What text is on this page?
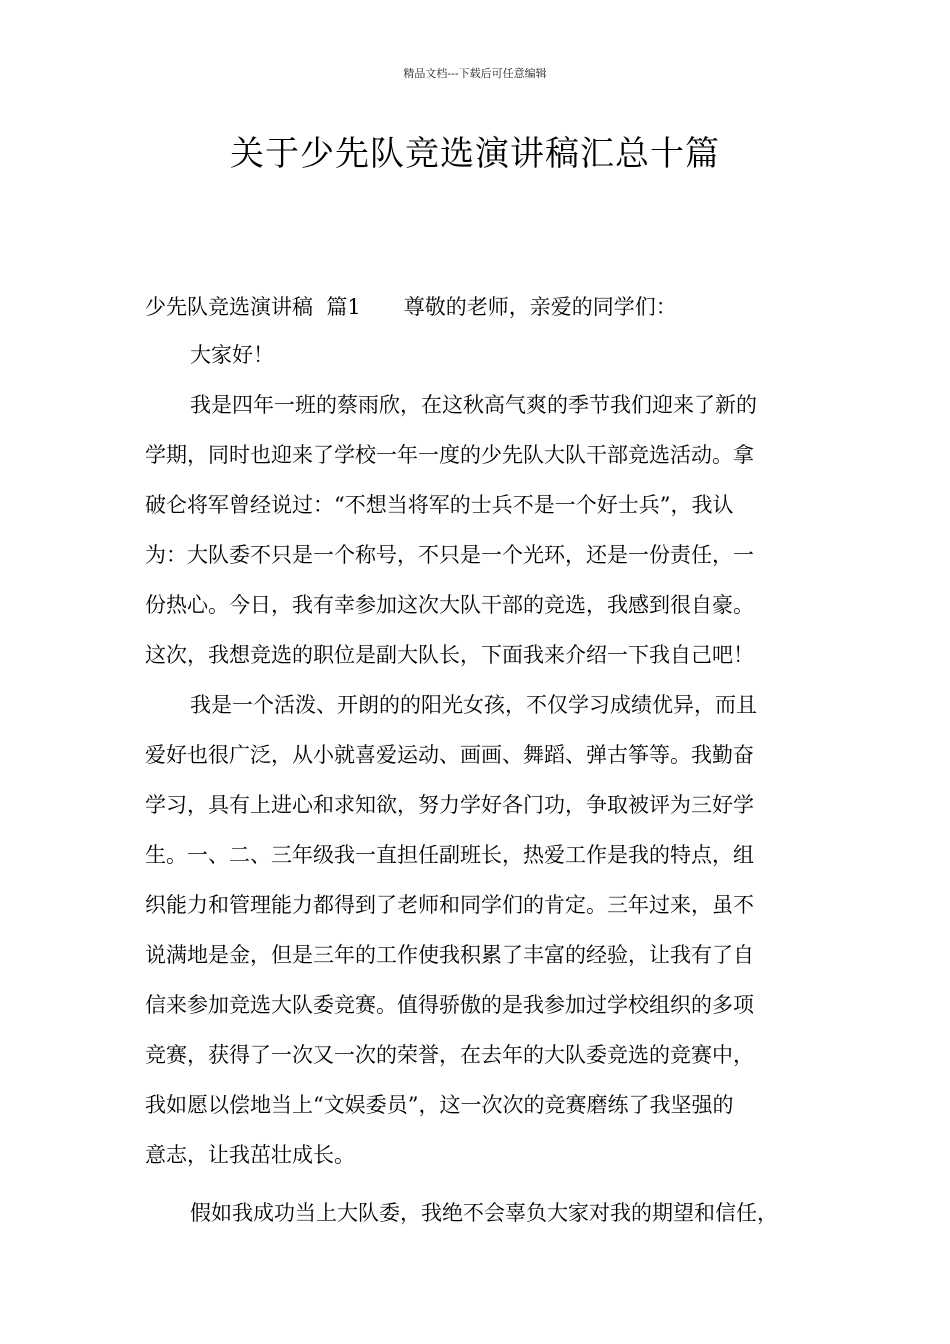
精品文档---下载后可任意编辑
关于少先队竞选演讲稿汇总十篇
少先队竞选演讲稿  篇1 尊敬的老师，亲爱的同学们：
大家好！
我是四年一班的蔡雨欣，在这秋高气爽的季节我们迎来了新的
学期，同时也迎来了学校一年一度的少先队大队干部竞选活动。拿
破仑将军曾经说过：“不想当将军的士兵不是一个好士兵”，我认
为：大队委不只是一个称号，不只是一个光环，还是一份责任，一
份热心。今日，我有幸参加这次大队干部的竞选，我感到很自豪。
这次，我想竞选的职位是副大队长，下面我来介绍一下我自己吧！
我是一个活泼、开朗的的阳光女孩，不仅学习成绩优异，而且
爱好也很广泛，从小就喜爱运动、画画、舞蹈、弹古筝等。我勤奋
学习，具有上进心和求知欲，努力学好各门功，争取被评为三好学
生。一、二、三年级我一直担任副班长，热爱工作是我的特点，组
织能力和管理能力都得到了老师和同学们的肯定。三年过来，虽不
说满地是金，但是三年的工作使我积累了丰富的经验，让我有了自
信来参加竞选大队委竞赛。值得骄傲的是我参加过学校组织的多项
竞赛，获得了一次又一次的荣誉，在去年的大队委竞选的竞赛中，
我如愿以偿地当上“文娱委员”，这一次次的竞赛磨练了我坚强的
意志，让我茁壮成长。
假如我成功当上大队委，我绝不会辜负大家对我的期望和信任，
